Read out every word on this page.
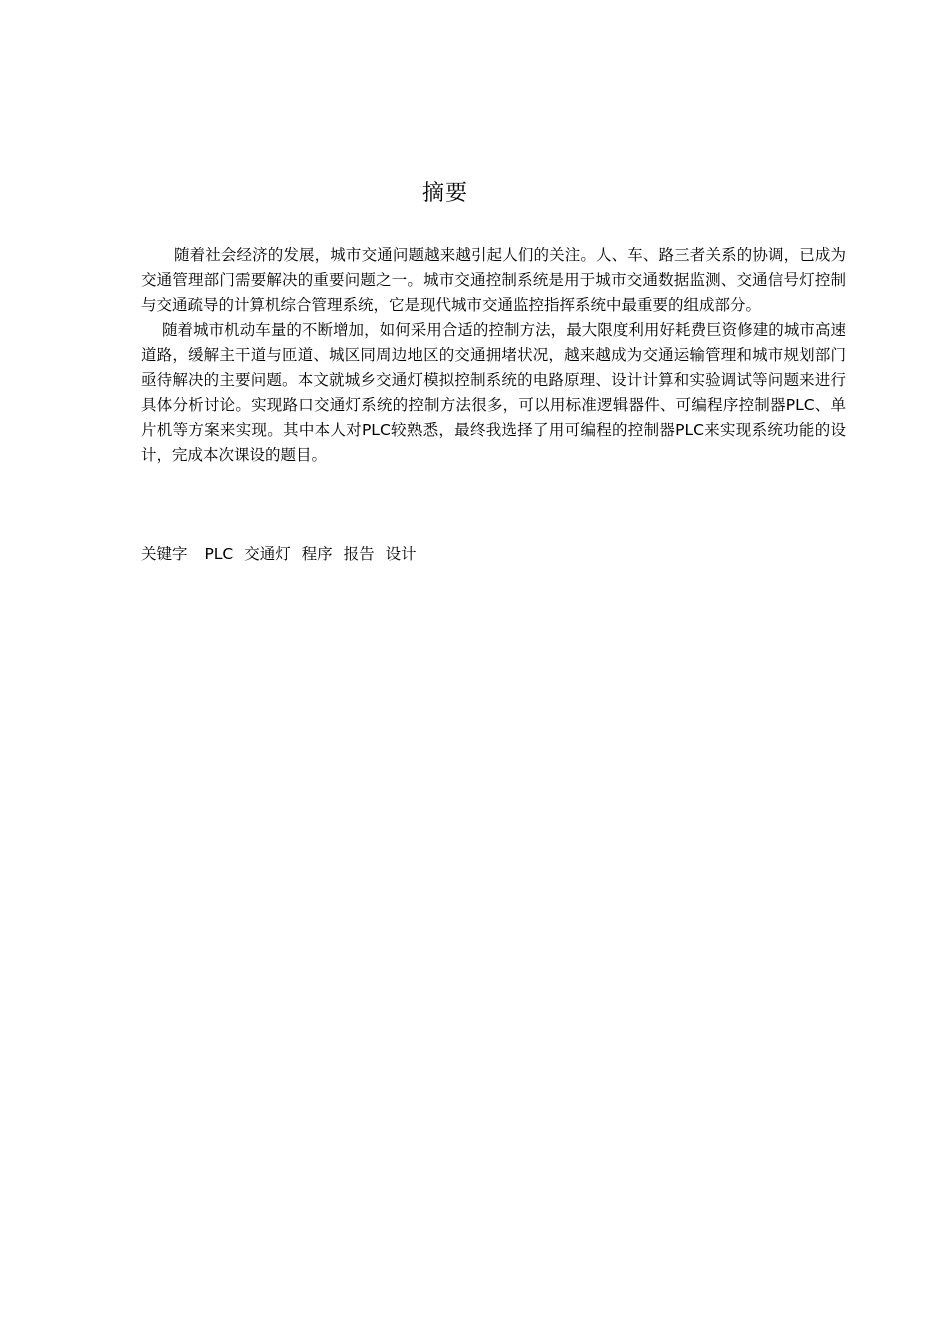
摘要

随着社会经济的发展，城市交通问题越来越引起人们的关注。人、车、路三者关系的协调，已成为交通管理部门需要解决的重要问题之一。城市交通控制系统是用于城市交通数据监测、交通信号灯控制与交通疏导的计算机综合管理系统，它是现代城市交通监控指挥系统中最重要的组成部分。

随着城市机动车量的不断增加，如何采用合适的控制方法，最大限度利用好耗费巨资修建的城市高速道路，缓解主干道与匝道、城区同周边地区的交通拥堵状况，越来越成为交通运输管理和城市规划部门亟待解决的主要问题。本文就城乡交通灯模拟控制系统的电路原理、设计计算和实验调试等问题来进行具体分析讨论。实现路口交通灯系统的控制方法很多，可以用标准逻辑器件、可编程序控制器PLC、单片机等方案来实现。其中本人对PLC较熟悉，最终我选择了用可编程的控制器PLC来实现系统功能的设计，完成本次课设的题目。

关键字 PLC 交通灯 程序 报告 设计
